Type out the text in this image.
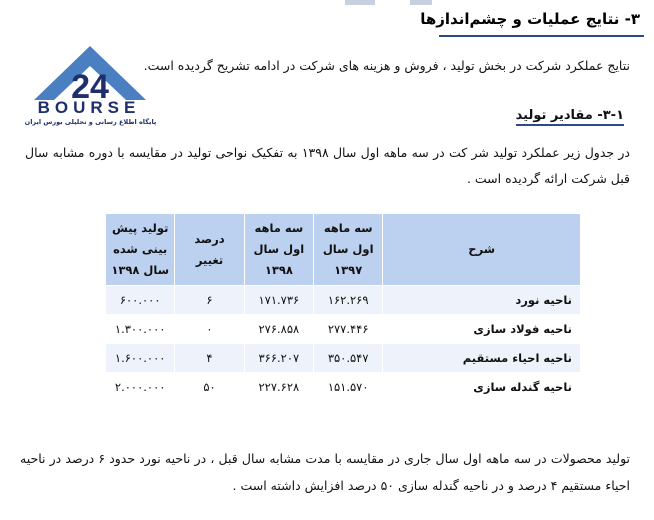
۳- نتایج عملیات و چشم‌اندازها
نتایج عملکرد شرکت در بخش تولید ، فروش و هزینه های شرکت در ادامه تشریح گردیده است.
24
BOURSE
پایگاه اطلاع رسانی و تحلیلی بورس ایران	۳-۱- مقادیر تولید
در جدول زیر عملکرد تولید شر کت در سه ماهه اول سال ۱۳۹۸ به تفکیک نواحی تولید در مقایسه با دوره مشابه سال قبل شرکت ارائه گردیده است .
شرح	سه ماهه اول سال ۱۳۹۷	سه ماهه اول سال ۱۳۹۸	درصد تغییر	تولید پیش بینی شده سال ۱۳۹۸
ناحیه نورد	۱۶۲.۲۶۹	۱۷۱.۷۳۶	۶	۶۰۰.۰۰۰
ناحیه فولاد سازی	۲۷۷.۴۴۶	۲۷۶.۸۵۸	۰	۱.۳۰۰.۰۰۰
ناحیه احیاء مستقیم	۳۵۰.۵۴۷	۳۶۶.۲۰۷	۴	۱.۶۰۰.۰۰۰
ناحیه گندله سازی	۱۵۱.۵۷۰	۲۲۷.۶۲۸	۵۰	۲.۰۰۰.۰۰۰
تولید محصولات در سه ماهه اول سال جاری در مقایسه با مدت مشابه سال قبل ، در ناحیه نورد حدود ۶ درصد در ناحیه احیاء مستقیم ۴ درصد و در ناحیه گندله سازی ۵۰ درصد افزایش داشته است .
